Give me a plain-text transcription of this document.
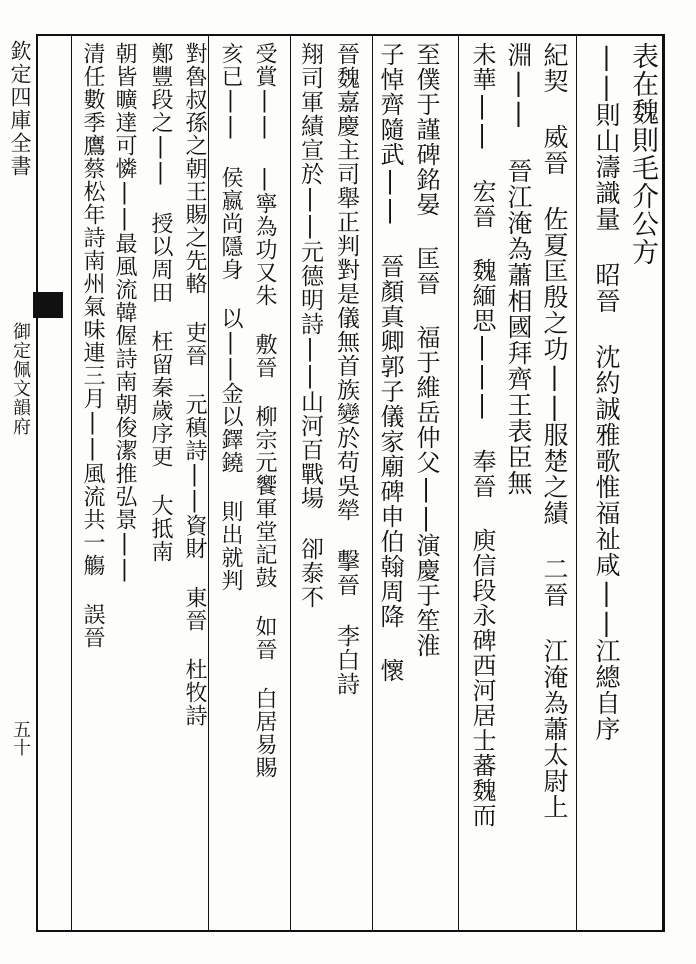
欽定四庫全書
御定佩文韻府
五十
表在魏則毛介公方
||則山濤識量 昭晉 沈約誠雅歌惟福祉咸||江總自序
紀契 威晉 佐夏匡殷之功||服楚之績 二晉 江淹為蕭太尉上
淵|| 晉江淹為蕭相國拜齊王表臣無
未華|| 宏晉 魏緬思||| 奉晉 庾信段永碑西河居士蕃魏而
至僕于謹碑銘晏 匡晉 福于維岳仲父||演慶于笙淮
子悼齊隨武|| 晉顏真卿郭子儀家廟碑申伯翰周降 懷
晉魏嘉慶主司舉正判對是儀無首族變於苟吳犖 擊晉 李白詩
翔司軍績宣於||元德明詩||山河百戰場 卻泰不
受賞|| |寧為功又朱 敷晉 柳宗元饗軍堂記鼓 如晉 白居易賜
亥已|| 侯嬴尚隱身 以||金以鐸鐃 則出就判
對魯叔孫之朝王賜之先輅 吏晉 元稹詩||資財 東晉 杜牧詩
鄭豐段之|| 授以周田 枉留秦歲序更 大抵南
朝皆曠達可憐||最風流韓偓詩南朝俊潔推弘景||
清任數季鷹蔡松年詩南州氣味連三月||風流共一觴 誤晉
